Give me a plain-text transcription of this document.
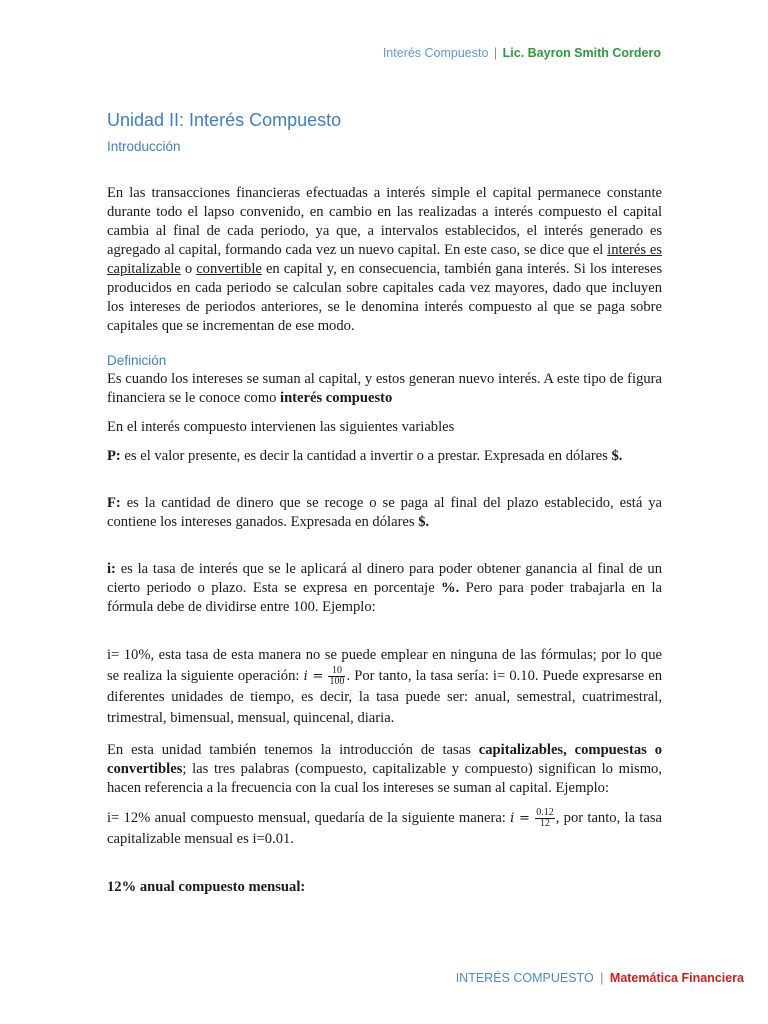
Interés Compuesto | Lic. Bayron Smith Cordero
Unidad II: Interés Compuesto
Introducción

En las transacciones financieras efectuadas a interés simple el capital permanece constante durante todo el lapso convenido, en cambio en las realizadas a interés compuesto el capital cambia al final de cada periodo, ya que, a intervalos establecidos, el interés generado es agregado al capital, formando cada vez un nuevo capital. En este caso, se dice que el interés es capitalizable o convertible en capital y, en consecuencia, también gana interés. Si los intereses producidos en cada periodo se calculan sobre capitales cada vez mayores, dado que incluyen los intereses de periodos anteriores, se le denomina interés compuesto al que se paga sobre capitales que se incrementan de ese modo.

Definición

Es cuando los intereses se suman al capital, y estos generan nuevo interés. A este tipo de figura financiera se le conoce como interés compuesto

En el interés compuesto intervienen las siguientes variables

P: es el valor presente, es decir la cantidad a invertir o a prestar. Expresada en dólares $.

F: es la cantidad de dinero que se recoge o se paga al final del plazo establecido, está ya contiene los intereses ganados. Expresada en dólares $.

i: es la tasa de interés que se le aplicará al dinero para poder obtener ganancia al final de un cierto periodo o plazo. Esta se expresa en porcentaje %. Pero para poder trabajarla en la fórmula debe de dividirse entre 100. Ejemplo:

i= 10%, esta tasa de esta manera no se puede emplear en ninguna de las fórmulas; por lo que se realiza la siguiente operación: $i = \frac{10}{100}$ . Por tanto, la tasa sería: i= 0.10. Puede expresarse en diferentes unidades de tiempo, es decir, la tasa puede ser: anual, semestral, cuatrimestral, trimestral, bimensual, mensual, quincenal, diaria.

En esta unidad también tenemos la introducción de tasas capitalizables, compuestas o convertibles; las tres palabras (compuesto, capitalizable y compuesto) significan lo mismo, hacen referencia a la frecuencia con la cual los intereses se suman al capital. Ejemplo:

i= 12% anual compuesto mensual, quedaría de la siguiente manera: $i = \frac{0.12}{12}$ , por tanto, la tasa capitalizable mensual es i=0.01.

12% anual compuesto mensual:

INTERÉS COMPUESTO | Matemática Financiera
